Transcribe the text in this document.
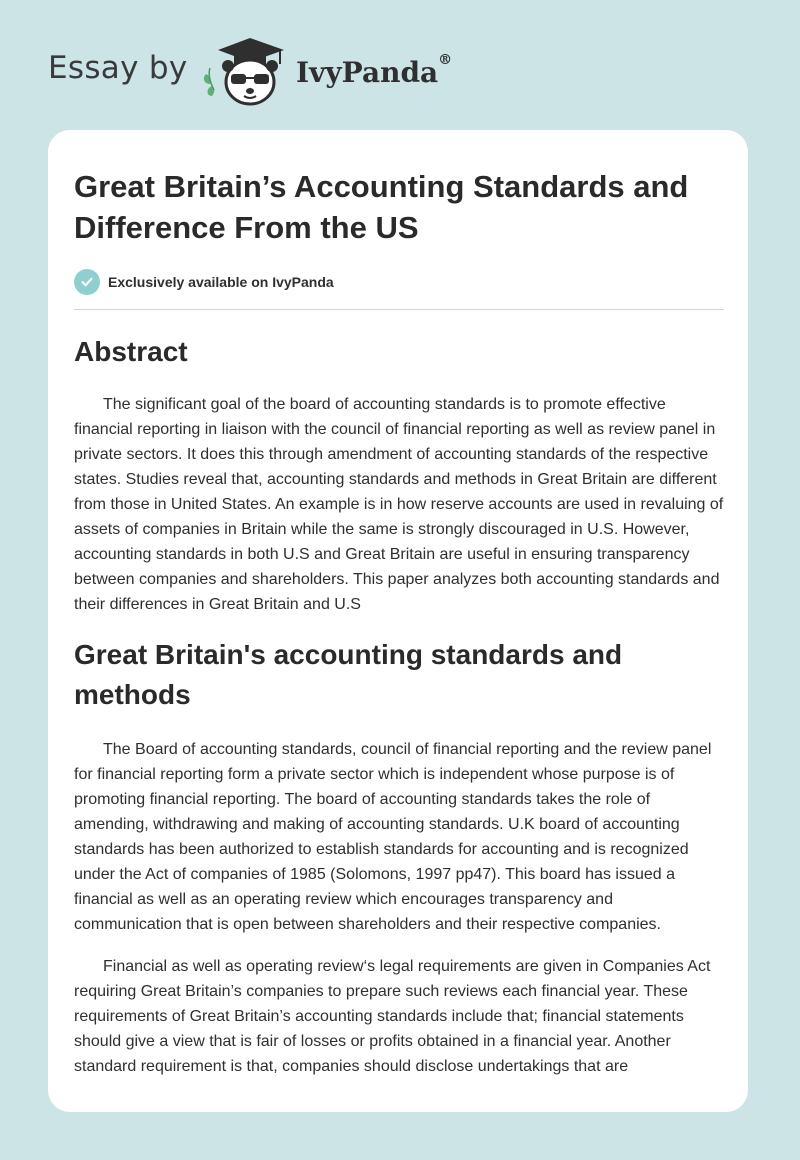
Essay by	IvyPanda®
Great Britain’s Accounting Standards and Difference From the US
Exclusively available on IvyPanda
Abstract

The significant goal of the board of accounting standards is to promote effective financial reporting in liaison with the council of financial reporting as well as review panel in private sectors. It does this through amendment of accounting standards of the respective states. Studies reveal that, accounting standards and methods in Great Britain are different from those in United States. An example is in how reserve accounts are used in revaluing of assets of companies in Britain while the same is strongly discouraged in U.S. However, accounting standards in both U.S and Great Britain are useful in ensuring transparency between companies and shareholders. This paper analyzes both accounting standards and their differences in Great Britain and U.S

Great Britain's accounting standards and methods

The Board of accounting standards, council of financial reporting and the review panel for financial reporting form a private sector which is independent whose purpose is of promoting financial reporting. The board of accounting standards takes the role of amending, withdrawing and making of accounting standards. U.K board of accounting standards has been authorized to establish standards for accounting and is recognized under the Act of companies of 1985 (Solomons, 1997 pp47). This board has issued a financial as well as an operating review which encourages transparency and communication that is open between shareholders and their respective companies.

Financial as well as operating review‘s legal requirements are given in Companies Act requiring Great Britain’s companies to prepare such reviews each financial year. These requirements of Great Britain’s accounting standards include that; financial statements should give a view that is fair of losses or profits obtained in a financial year. Another standard requirement is that, companies should disclose undertakings that are
